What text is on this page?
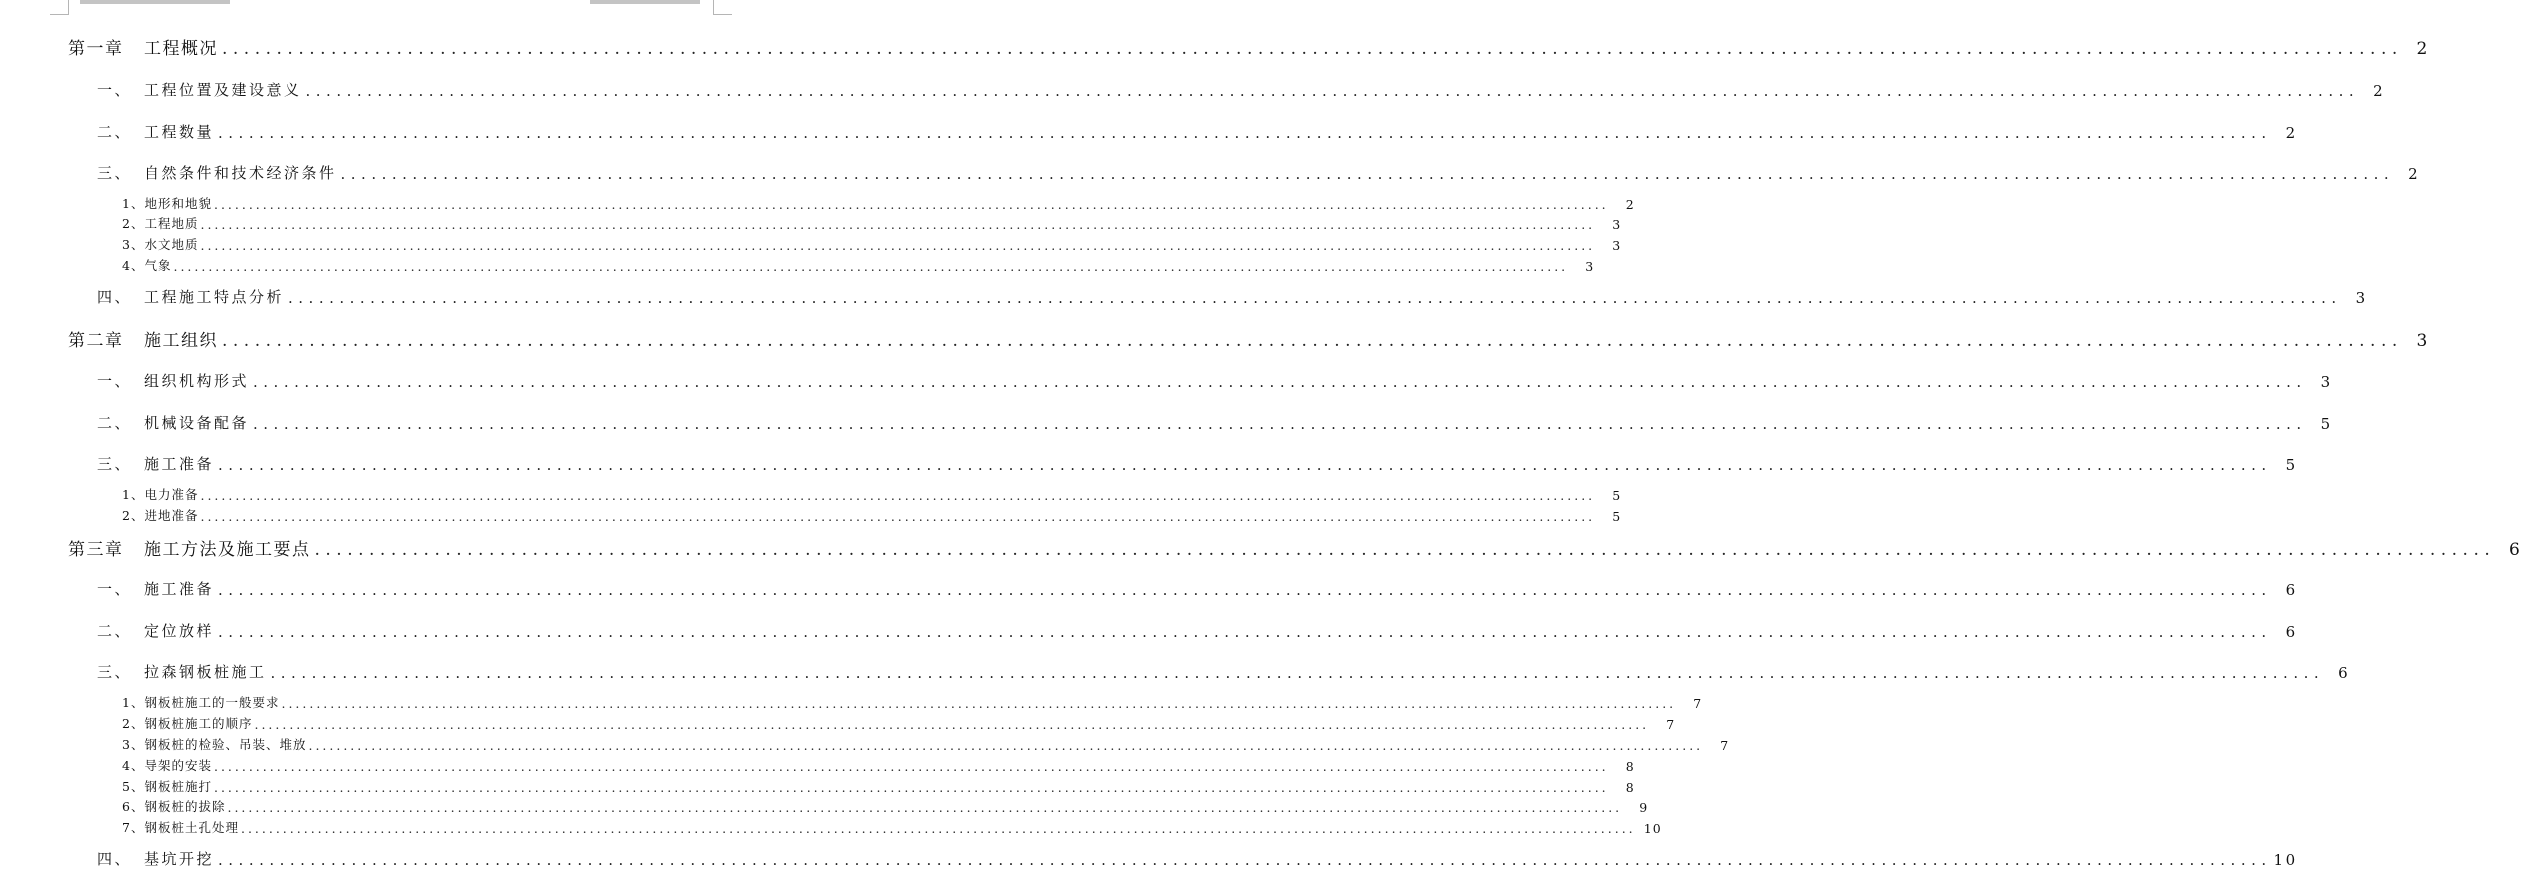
第一章	工程概况 ........................................................................................................................................................................................................ 2
一、 工程位置及建设意义 ........................................................................................................................................................................................................ 2
二、 工程数量 ........................................................................................................................................................................................................ 2
三、 自然条件和技术经济条件 ........................................................................................................................................................................................................ 2
1、 地形和地貌 ........................................................................................................................................................................................................	2
2、 工程地质 ........................................................................................................................................................................................................	3
3、 水文地质 ........................................................................................................................................................................................................	3
4、 气象 ........................................................................................................................................................................................................	3
四、 工程施工特点分析 ........................................................................................................................................................................................................ 3
第二章	施工组织 ........................................................................................................................................................................................................ 3
一、 组织机构形式 ........................................................................................................................................................................................................ 3
二、 机械设备配备 ........................................................................................................................................................................................................ 5
三、 施工准备 ........................................................................................................................................................................................................ 5
1、 电力准备 ........................................................................................................................................................................................................	5
2、 进地准备 ........................................................................................................................................................................................................	5
第三章	施工方法及施工要点 ........................................................................................................................................................................................................ 6
一、 施工准备 ........................................................................................................................................................................................................ 6
二、 定位放样 ........................................................................................................................................................................................................ 6
三、 拉森钢板桩施工 ........................................................................................................................................................................................................ 6
1、 钢板桩施工的一般要求 ........................................................................................................................................................................................................	7
2、 钢板桩施工的顺序 ........................................................................................................................................................................................................	7
3、 钢板桩的检验、吊装、堆放 ........................................................................................................................................................................................................	7
4、 导架的安装 ........................................................................................................................................................................................................	8
5、 钢板桩施打 ........................................................................................................................................................................................................	8
6、 钢板桩的拔除 ........................................................................................................................................................................................................	9
7、 钢板桩土孔处理 ........................................................................................................................................................................................................ 10
四、 基坑开挖 ........................................................................................................................................................................................................ 10
